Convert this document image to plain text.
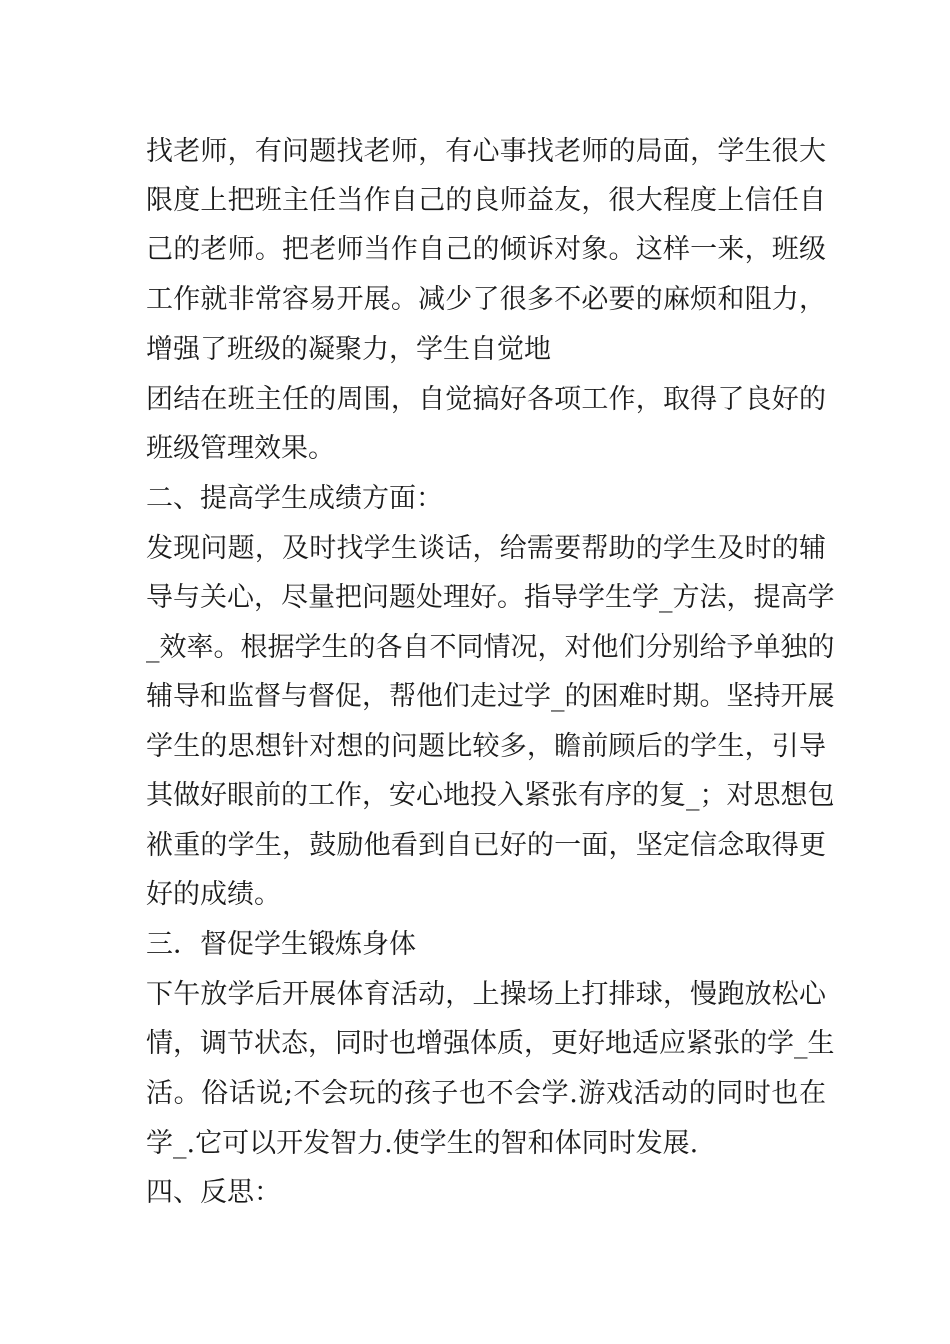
找老师，有问题找老师，有心事找老师的局面，学生很大
限度上把班主任当作自己的良师益友，很大程度上信任自
己的老师。把老师当作自己的倾诉对象。这样一来，班级
工作就非常容易开展。减少了很多不必要的麻烦和阻力，
增强了班级的凝聚力，学生自觉地
团结在班主任的周围，自觉搞好各项工作，取得了良好的
班级管理效果。
二、提高学生成绩方面：
发现问题，及时找学生谈话，给需要帮助的学生及时的辅
导与关心，尽量把问题处理好。指导学生学_方法，提高学
_效率。根据学生的各自不同情况，对他们分别给予单独的
辅导和监督与督促，帮他们走过学_的困难时期。坚持开展
学生的思想针对想的问题比较多，瞻前顾后的学生，引导
其做好眼前的工作，安心地投入紧张有序的复_；对思想包
袱重的学生，鼓励他看到自已好的一面，坚定信念取得更
好的成绩。
三．督促学生锻炼身体
下午放学后开展体育活动，上操场上打排球，慢跑放松心
情，调节状态，同时也增强体质，更好地适应紧张的学_生
活。俗话说;不会玩的孩子也不会学.游戏活动的同时也在
学_.它可以开发智力.使学生的智和体同时发展.
四、反思：
